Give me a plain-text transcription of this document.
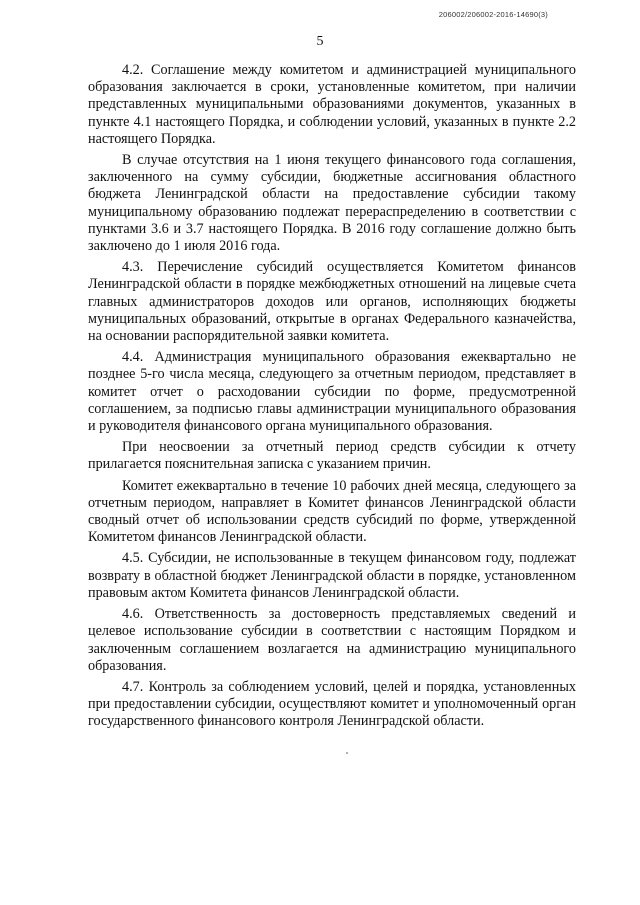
206002/206002-2016-14690(3)
5

4.2. Соглашение между комитетом и администрацией муниципального образования заключается в сроки, установленные комитетом, при наличии представленных муниципальными образованиями документов, указанных в пункте 4.1 настоящего Порядка, и соблюдении условий, указанных в пункте 2.2 настоящего Порядка.

В случае отсутствия на 1 июня текущего финансового года соглашения, заключенного на сумму субсидии, бюджетные ассигнования областного бюджета Ленинградской области на предоставление субсидии такому муниципальному образованию подлежат перераспределению в соответствии с пунктами 3.6 и 3.7 настоящего Порядка. В 2016 году соглашение должно быть заключено до 1 июля 2016 года.

4.3. Перечисление субсидий осуществляется Комитетом финансов Ленинградской области в порядке межбюджетных отношений на лицевые счета главных администраторов доходов или органов, исполняющих бюджеты муниципальных образований, открытые в органах Федерального казначейства, на основании распорядительной заявки комитета.

4.4. Администрация муниципального образования ежеквартально не позднее 5-го числа месяца, следующего за отчетным периодом, представляет в комитет отчет о расходовании субсидии по форме, предусмотренной соглашением, за подписью главы администрации муниципального образования и руководителя финансового органа муниципального образования.

При неосвоении за отчетный период средств субсидии к отчету прилагается пояснительная записка с указанием причин.

Комитет ежеквартально в течение 10 рабочих дней месяца, следующего за отчетным периодом, направляет в Комитет финансов Ленинградской области сводный отчет об использовании средств субсидий по форме, утвержденной Комитетом финансов Ленинградской области.

4.5. Субсидии, не использованные в текущем финансовом году, подлежат возврату в областной бюджет Ленинградской области в порядке, установленном правовым актом Комитета финансов Ленинградской области.

4.6. Ответственность за достоверность представляемых сведений и целевое использование субсидии в соответствии с настоящим Порядком и заключенным соглашением возлагается на администрацию муниципального образования.

4.7. Контроль за соблюдением условий, целей и порядка, установленных при предоставлении субсидии, осуществляют комитет и уполномоченный орган государственного финансового контроля Ленинградской области.
